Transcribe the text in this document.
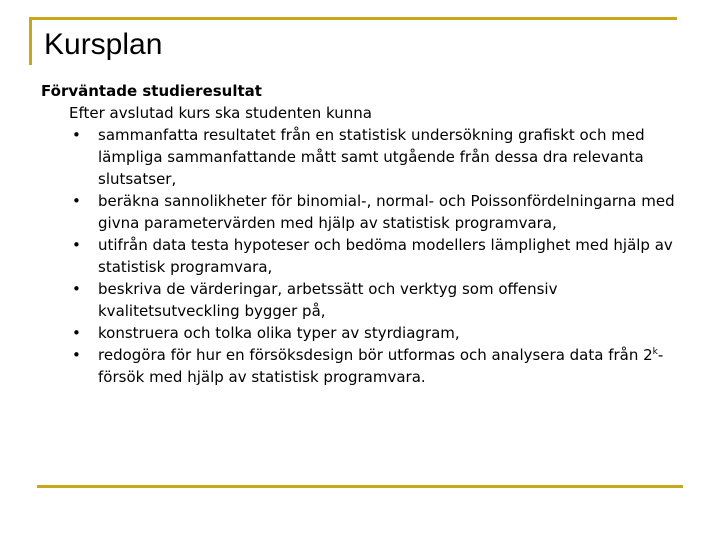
Kursplan
Förväntade studieresultat
Efter avslutad kurs ska studenten kunna
• sammanfatta resultatet från en statistisk undersökning grafiskt och med lämpliga sammanfattande mått samt utgående från dessa dra relevanta slutsatser,
• beräkna sannolikheter för binomial-, normal- och Poissonfördelningarna med givna parametervärden med hjälp av statistisk programvara,
• utifrån data testa hypoteser och bedöma modellers lämplighet med hjälp av statistisk programvara,
• beskriva de värderingar, arbetssätt och verktyg som offensiv kvalitetsutveckling bygger på,
• konstruera och tolka olika typer av styrdiagram,
• redogöra för hur en försöksdesign bör utformas och analysera data från 2$^k$-försök med hjälp av statistisk programvara.
